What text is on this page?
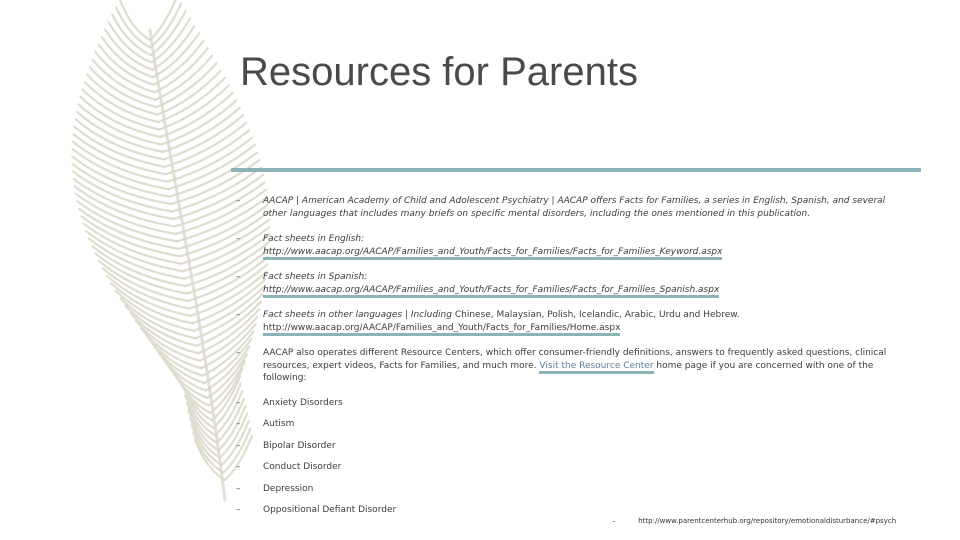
Resources for Parents
–	AACAP | American Academy of Child and Adolescent Psychiatry | AACAP offers Facts for Families, a series in English, Spanish, and several other languages that includes many briefs on specific mental disorders, including the ones mentioned in this publication.
–	Fact sheets in English:
http://www.aacap.org/AACAP/Families_and_Youth/Facts_for_Families/Facts_for_Families_Keyword.aspx
–	Fact sheets in Spanish:
http://www.aacap.org/AACAP/Families_and_Youth/Facts_for_Families/Facts_for_Families_Spanish.aspx
–	Fact sheets in other languages | Including Chinese, Malaysian, Polish, Icelandic, Arabic, Urdu and Hebrew.
http://www.aacap.org/AACAP/Families_and_Youth/Facts_for_Families/Home.aspx
–	AACAP also operates different Resource Centers, which offer consumer-friendly definitions, answers to frequently asked questions, clinical resources, expert videos, Facts for Families, and much more. Visit the Resource Center home page if you are concerned with one of the following:
–	Anxiety Disorders
–	Autism
–	Bipolar Disorder
–	Conduct Disorder
–	Depression
–	Oppositional Defiant Disorder
–	http://www.parentcenterhub.org/repository/emotionaldisturbance/#psych
